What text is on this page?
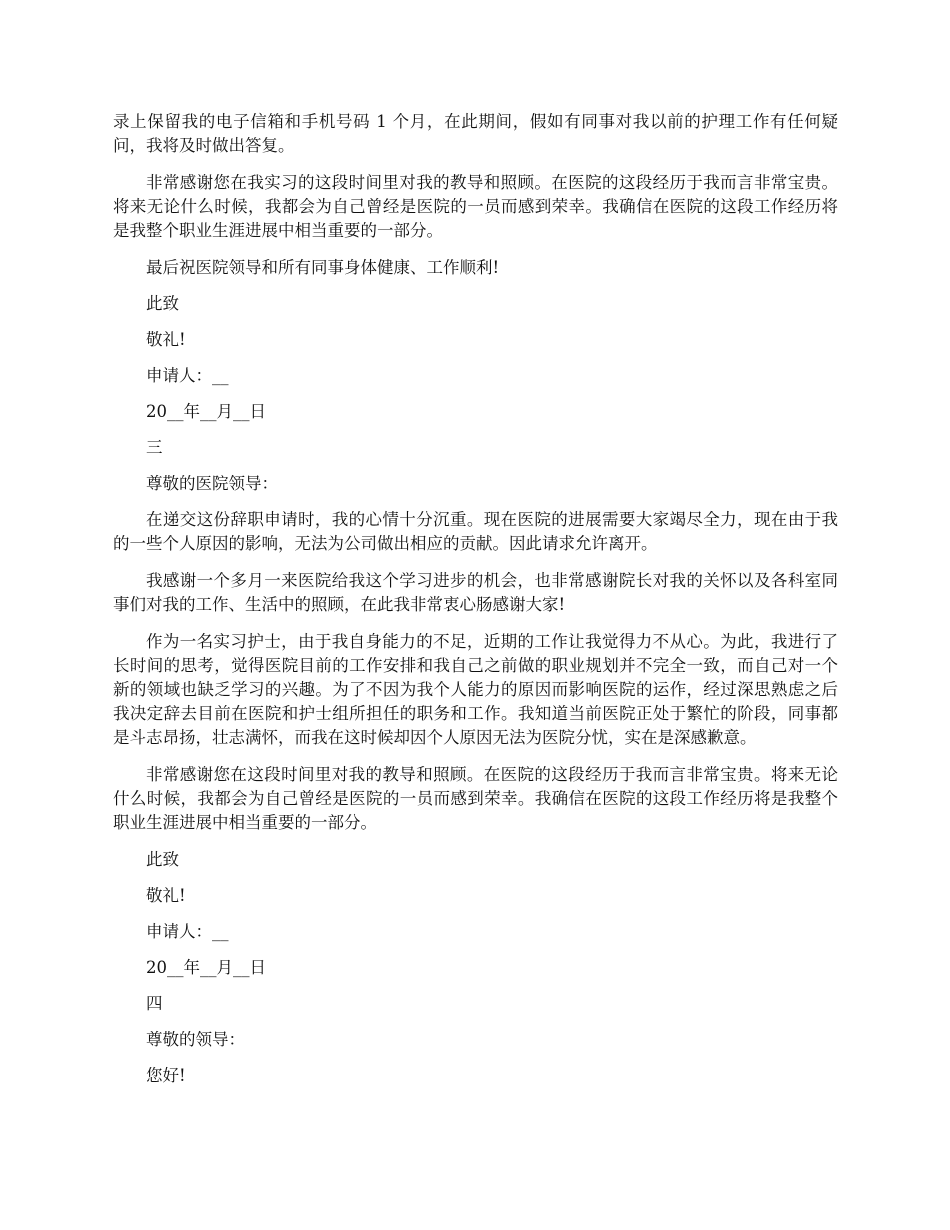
录上保留我的电子信箱和手机号码 1 个月，在此期间，假如有同事对我以前的护理工作有任何疑问，我将及时做出答复。

非常感谢您在我实习的这段时间里对我的教导和照顾。在医院的这段经历于我而言非常宝贵。将来无论什么时候，我都会为自己曾经是医院的一员而感到荣幸。我确信在医院的这段工作经历将是我整个职业生涯进展中相当重要的一部分。

最后祝医院领导和所有同事身体健康、工作顺利!

此致

敬礼!

申请人：__

20__年__月__日

三

尊敬的医院领导：

在递交这份辞职申请时，我的心情十分沉重。现在医院的进展需要大家竭尽全力，现在由于我的一些个人原因的影响，无法为公司做出相应的贡献。因此请求允许离开。

我感谢一个多月一来医院给我这个学习进步的机会，也非常感谢院长对我的关怀以及各科室同事们对我的工作、生活中的照顾，在此我非常衷心肠感谢大家!

作为一名实习护士，由于我自身能力的不足，近期的工作让我觉得力不从心。为此，我进行了长时间的思考，觉得医院目前的工作安排和我自己之前做的职业规划并不完全一致，而自己对一个新的领域也缺乏学习的兴趣。为了不因为我个人能力的原因而影响医院的运作，经过深思熟虑之后我决定辞去目前在医院和护士组所担任的职务和工作。我知道当前医院正处于繁忙的阶段，同事都是斗志昂扬，壮志满怀，而我在这时候却因个人原因无法为医院分忧，实在是深感歉意。

非常感谢您在这段时间里对我的教导和照顾。在医院的这段经历于我而言非常宝贵。将来无论什么时候，我都会为自己曾经是医院的一员而感到荣幸。我确信在医院的这段工作经历将是我整个职业生涯进展中相当重要的一部分。

此致

敬礼!

申请人：__

20__年__月__日

四

尊敬的领导：

您好!
